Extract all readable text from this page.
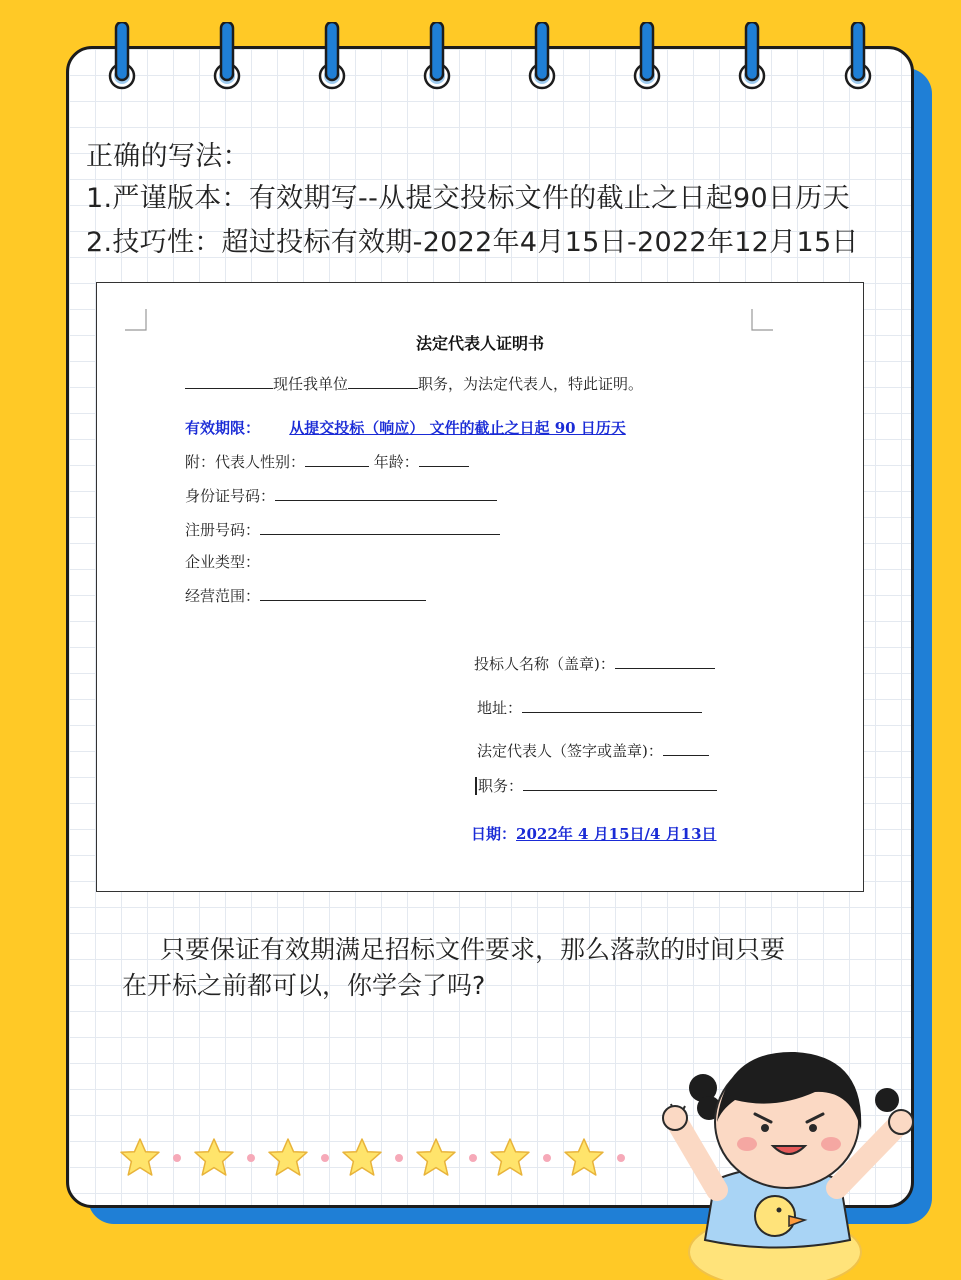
正确的写法：
1.严谨版本：有效期写--从提交投标文件的截止之日起90日历天
2.技巧性：超过投标有效期-2022年4月15日-2022年12月15日
法定代表人证明书
现任我单位	职务，为法定代表人，特此证明。
有效期限： 从提交投标（响应） 文件的截止之日起 90 日历天
附：代表人性别：	年龄：
身份证号码：
注册号码：
企业类型：
经营范围：
投标人名称（盖章)：
地址：
法定代表人（签字或盖章)：
职务：
日期：2022年 4 月15日/4 月13日

只要保证有效期满足招标文件要求，那么落款的时间只要

在开标之前都可以，你学会了吗?
